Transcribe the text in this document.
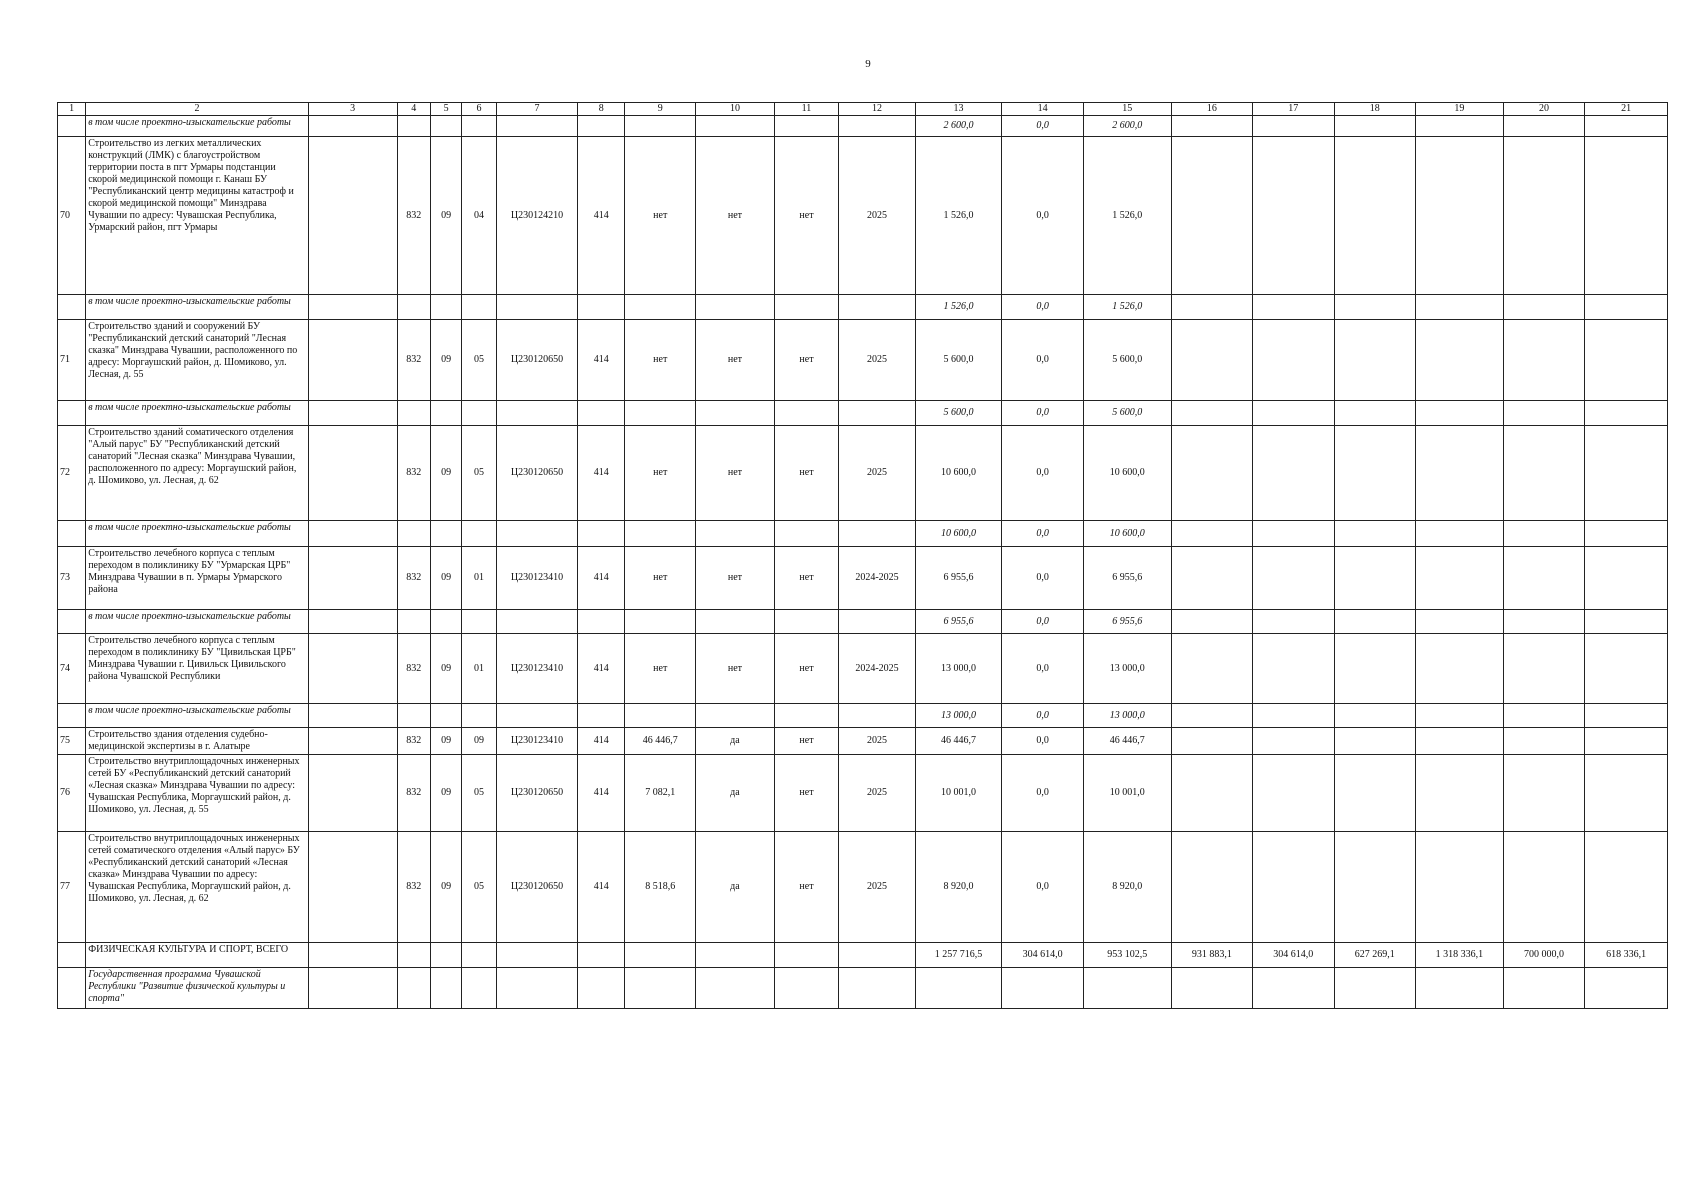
9
1	2	3	4	5	6	7	8	9	10	11	12	13	14	15	16	17	18	19	20	21
	в том числе проектно-изыскательские работы											2 600,0	0,0	2 600,0						
70	Строительство из легких металлических конструкций (ЛМК) с благоустройством территории поста в пгт Урмары подстанции скорой медицинской помощи г. Канаш БУ "Республиканский центр медицины катастроф и скорой медицинской помощи" Минздрава Чувашии по адресу: Чувашская Республика, Урмарский район, пгт Урмары		832	09	04	Ц230124210	414	нет	нет	нет	2025	1 526,0	0,0	1 526,0						
	в том числе проектно-изыскательские работы											1 526,0	0,0	1 526,0						
71	Строительство зданий и сооружений БУ "Республиканский детский санаторий "Лесная сказка" Минздрава Чувашии, расположенного по адресу: Моргаушский район, д. Шомиково, ул. Лесная, д. 55		832	09	05	Ц230120650	414	нет	нет	нет	2025	5 600,0	0,0	5 600,0						
	в том числе проектно-изыскательские работы											5 600,0	0,0	5 600,0						
72	Строительство зданий соматического отделения "Алый парус" БУ "Республиканский детский санаторий "Лесная сказка" Минздрава Чувашии, расположенного по адресу: Моргаушский район, д. Шомиково, ул. Лесная, д. 62		832	09	05	Ц230120650	414	нет	нет	нет	2025	10 600,0	0,0	10 600,0						
	в том числе проектно-изыскательские работы											10 600,0	0,0	10 600,0						
73	Строительство лечебного корпуса с теплым переходом в поликлинику БУ "Урмарская ЦРБ" Минздрава Чувашии в п. Урмары Урмарского района		832	09	01	Ц230123410	414	нет	нет	нет	2024-2025	6 955,6	0,0	6 955,6						
	в том числе проектно-изыскательские работы											6 955,6	0,0	6 955,6						
74	Строительство лечебного корпуса с теплым переходом в поликлинику БУ "Цивильская ЦРБ" Минздрава Чувашии г. Цивильск Цивильского района Чувашской Республики		832	09	01	Ц230123410	414	нет	нет	нет	2024-2025	13 000,0	0,0	13 000,0						
	в том числе проектно-изыскательские работы											13 000,0	0,0	13 000,0						
75	Строительство здания отделения судебно-медицинской экспертизы в г. Алатыре		832	09	09	Ц230123410	414	46 446,7	да	нет	2025	46 446,7	0,0	46 446,7						
76	Строительство внутриплощадочных инженерных сетей БУ «Республиканский детский санаторий «Лесная сказка» Минздрава Чувашии по адресу: Чувашская Республика, Моргаушский район, д. Шомиково, ул. Лесная, д. 55		832	09	05	Ц230120650	414	7 082,1	да	нет	2025	10 001,0	0,0	10 001,0						
77	Строительство внутриплощадочных инженерных сетей соматического отделения «Алый парус» БУ «Республиканский детский санаторий «Лесная сказка» Минздрава Чувашии по адресу: Чувашская Республика, Моргаушский район, д. Шомиково, ул. Лесная, д. 62		832	09	05	Ц230120650	414	8 518,6	да	нет	2025	8 920,0	0,0	8 920,0						
	ФИЗИЧЕСКАЯ КУЛЬТУРА И СПОРТ, ВСЕГО											1 257 716,5	304 614,0	953 102,5	931 883,1	304 614,0	627 269,1	1 318 336,1	700 000,0	618 336,1
	Государственная программа Чувашской Республики "Развитие физической культуры и спорта"																			
